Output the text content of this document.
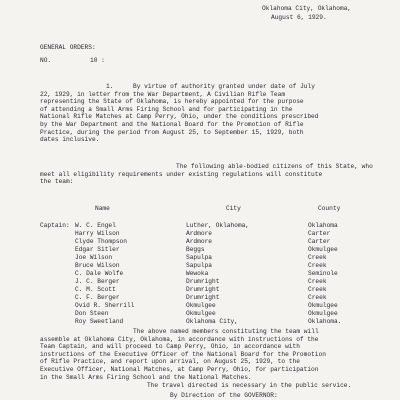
Oklahoma City, Oklahoma,
August 6, 1929.
GENERAL ORDERS:
NO.	10 :
1.	By virtue of authority granted under date of July
22, 1929, in letter from the War Department, A Civilian Rifle Team
representing the State of Oklahoma, is hereby appointed for the purpose
of attending a Small Arms Firing School and for participating in the
National Rifle Matches at Camp Perry, Ohio, under the conditions prescribed
by the War Department and the National Board for the Promotion of Rifle
Practice, during the period from August 25, to September 15, 1929, both
dates inclusive.
The following able-bodied citizens of this State, who
meet all eligibility requirements under existing regulations will constitute
the team:
Name	City	County
Captain: W. C. Engel	Luther, Oklahoma,	Oklahoma
Harry Wilson	Ardmore	Carter
Clyde Thompson	Ardmore	Carter
Edgar Sitler	Beggs	Okmulgee
Joe Wilson	Sapulpa	Creek
Bruce Wilson	Sapulpa	Creek
C. Dale Wolfe	Wewoka	Seminole
J. C. Berger	Drumright	Creek
C. M. Scott	Drumright	Creek
C. F. Berger	Drumright	Creek
Ovid R. Sherrill	Okmulgee	Okmulgee
Don Steen	Okmulgee	Okmulgee
Roy Sweetland	Oklahoma City,	Oklahoma.
The above named members constituting the team will
assemble at Oklahoma City, Oklahoma, in accordance with instructions of the
Team Captain, and will proceed to Camp Perry, Ohio, in accordance with
instructions of the Executive Officer of the National Board for the Promotion
of Rifle Practice, and report upon arrival, on August 25, 1929, to the
Executive Officer, National Matches, at Camp Perry, Ohio, for participation
in the Small Arms Firing School and the National Matches.
The travel directed is necessary in the public service.
By Direction of the GOVERNOR:
